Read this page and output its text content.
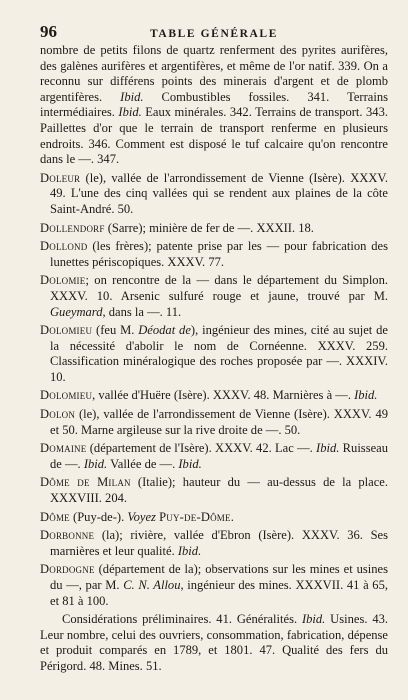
96	TABLE GÉNÉRALE

nombre de petits filons de quartz renferment des pyrites aurifères, des galènes aurifères et argentifères, et même de l'or natif. 339. On a reconnu sur différens points des minerais d'argent et de plomb argentifères. Ibid. Combustibles fossiles. 341. Terrains intermédiaires. Ibid. Eaux minérales. 342. Terrains de transport. 343. Paillettes d'or que le terrain de transport renferme en plusieurs endroits. 346. Comment est disposé le tuf calcaire qu'on rencontre dans le —. 347.

Doleur (le), vallée de l'arrondissement de Vienne (Isère). XXXV. 49. L'une des cinq vallées qui se rendent aux plaines de la côte Saint-André. 50.

Dollendorf (Sarre); minière de fer de —. XXXII. 18.

Dollond (les frères); patente prise par les — pour fabrication des lunettes périscopiques. XXXV. 77.

Dolomie; on rencontre de la — dans le département du Simplon. XXXV. 10. Arsenic sulfuré rouge et jaune, trouvé par M. Gueymard, dans la —. 11.

Dolomieu (feu M. Déodat de), ingénieur des mines, cité au sujet de la nécessité d'abolir le nom de Cornéenne. XXXV. 259. Classification minéralogique des roches proposée par —. XXXIV. 10.

Dolomieu, vallée d'Huëre (Isère). XXXV. 48. Marnières à —. Ibid.

Dolon (le), vallée de l'arrondissement de Vienne (Isère). XXXV. 49 et 50. Marne argileuse sur la rive droite de —. 50.

Domaine (département de l'Isère). XXXV. 42. Lac —. Ibid. Ruisseau de —. Ibid. Vallée de —. Ibid.

Dôme de Milan (Italie); hauteur du — au-dessus de la place. XXXVIII. 204.

Dôme (Puy-de-). Voyez Puy-de-Dôme.

Dorbonne (la); rivière, vallée d'Ebron (Isère). XXXV. 36. Ses marnières et leur qualité. Ibid.

Dordogne (département de la); observations sur les mines et usines du —, par M. C. N. Allou, ingénieur des mines. XXXVII. 41 à 65, et 81 à 100.

Considérations préliminaires. 41. Généralités. Ibid. Usines. 43. Leur nombre, celui des ouvriers, consommation, fabrication, dépense et produit comparés en 1789, et 1801. 47. Qualité des fers du Périgord. 48. Mines. 51.
